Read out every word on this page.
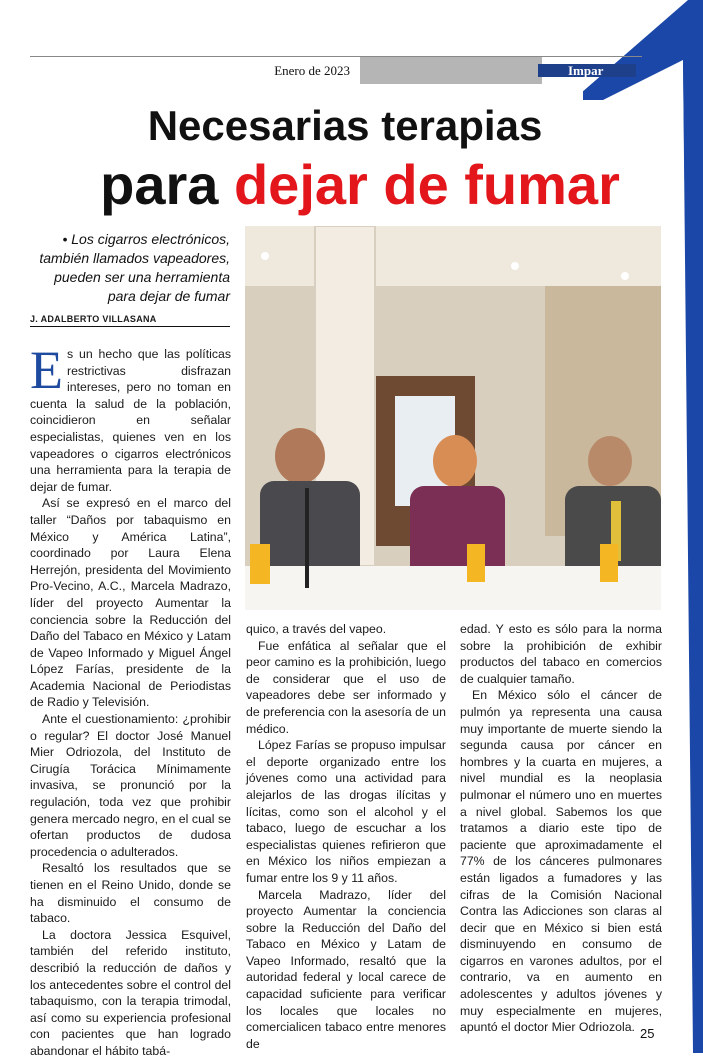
Enero de 2023	Impar
Necesarias terapias
para dejar de fumar
• Los cigarros electrónicos, también llamados vapeadores, pueden ser una herramienta para dejar de fumar
J. ADALBERTO VILLASANA

Es un hecho que las políticas restrictivas disfrazan intereses, pero no toman en cuenta la salud de la población, coincidieron en señalar especialistas, quienes ven en los vapeadores o cigarros electrónicos una herramienta para la terapia de dejar de fumar.

Así se expresó en el marco del taller “Daños por tabaquismo en México y América Latina”, coordinado por Laura Elena Herrejón, presidenta del Movimiento Pro-Vecino, A.C., Marcela Madrazo, líder del proyecto Aumentar la conciencia sobre la Reducción del Daño del Tabaco en México y Latam de Vapeo Informado y Miguel Ángel López Farías, presidente de la Academia Nacional de Periodistas de Radio y Televisión.

Ante el cuestionamiento: ¿prohibir o regular? El doctor José Manuel Mier Odriozola, del Instituto de Cirugía Torácica Mínimamente invasiva, se pronunció por la regulación, toda vez que prohibir genera mercado negro, en el cual se ofertan productos de dudosa procedencia o adulterados.

Resaltó los resultados que se tienen en el Reino Unido, donde se ha disminuido el consumo de tabaco.

La doctora Jessica Esquivel, también del referido instituto, describió la reducción de daños y los antecedentes sobre el control del tabaquismo, con la terapia trimodal, así como su experiencia profesional con pacientes que han logrado abandonar el hábito tabá-

quico, a través del vapeo.

Fue enfática al señalar que el peor camino es la prohibición, luego de considerar que el uso de vapeadores debe ser informado y de preferencia con la asesoría de un médico.

López Farías se propuso impulsar el deporte organizado entre los jóvenes como una actividad para alejarlos de las drogas ilícitas y lícitas, como son el alcohol y el tabaco, luego de escuchar a los especialistas quienes refirieron que en México los niños empiezan a fumar entre los 9 y 11 años.

Marcela Madrazo, líder del proyecto Aumentar la conciencia sobre la Reducción del Daño del Tabaco en México y Latam de Vapeo Informado, resaltó que la autoridad federal y local carece de capacidad suficiente para verificar los locales que locales no comercialicen tabaco entre menores de

edad. Y esto es sólo para la norma sobre la prohibición de exhibir productos del tabaco en comercios de cualquier tamaño.

En México sólo el cáncer de pulmón ya representa una causa muy importante de muerte siendo la segunda causa por cáncer en hombres y la cuarta en mujeres, a nivel mundial es la neoplasia pulmonar el número uno en muertes a nivel global. Sabemos los que tratamos a diario este tipo de paciente que aproximadamente el 77% de los cánceres pulmonares están ligados a fumadores y las cifras de la Comisión Nacional Contra las Adicciones son claras al decir que en México si bien está disminuyendo en consumo de cigarros en varones adultos, por el contrario, va en aumento en adolescentes y adultos jóvenes y muy especialmente en mujeres, apuntó el doctor Mier Odriozola. 25
